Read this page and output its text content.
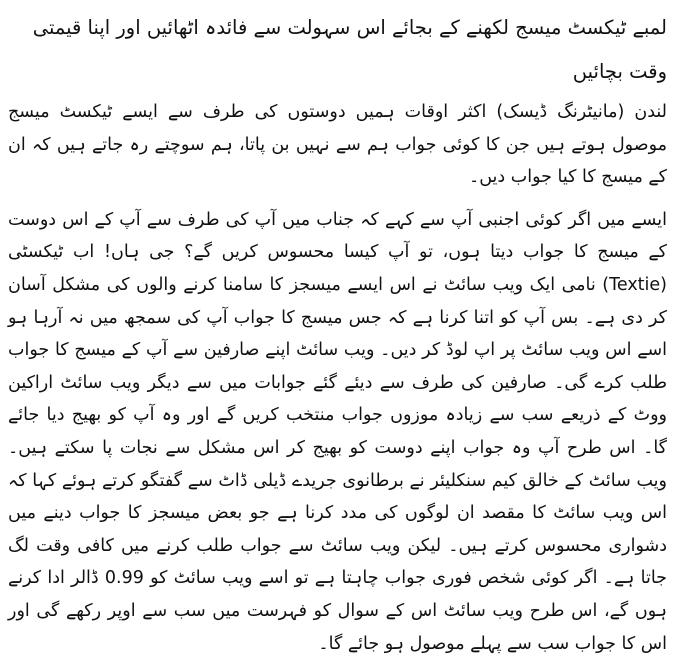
لمبے ٹیکسٹ میسج لکھنے کے بجائے اس سہولت سے فائدہ اٹھائیں اور اپنا قیمتی وقت بچائیں

لندن (مانیٹرنگ ڈیسک) اکثر اوقات ہمیں دوستوں کی طرف سے ایسے ٹیکسٹ میسج موصول ہوتے ہیں جن کا کوئی جواب ہم سے نہیں بن پاتا، ہم سوچتے رہ جاتے ہیں کہ ان کے میسج کا کیا جواب دیں۔

ایسے میں اگر کوئی اجنبی آپ سے کہے کہ جناب میں آپ کی طرف سے آپ کے اس دوست کے میسج کا جواب دیتا ہوں، تو آپ کیسا محسوس کریں گے؟ جی ہاں! اب ٹیکسٹی (Textie) نامی ایک ویب سائٹ نے اس ایسے میسجز کا سامنا کرنے والوں کی مشکل آسان کر دی ہے۔ بس آپ کو اتنا کرنا ہے کہ جس میسج کا جواب آپ کی سمجھ میں نہ آرہا ہو اسے اس ویب سائٹ پر اپ لوڈ کر دیں۔ ویب سائٹ اپنے صارفین سے آپ کے میسج کا جواب طلب کرے گی۔ صارفین کی طرف سے دیئے گئے جوابات میں سے دیگر ویب سائٹ اراکین ووٹ کے ذریعے سب سے زیادہ موزوں جواب منتخب کریں گے اور وہ آپ کو بھیج دیا جائے گا۔ اس طرح آپ وہ جواب اپنے دوست کو بھیج کر اس مشکل سے نجات پا سکتے ہیں۔ ویب سائٹ کے خالق کیم سنکلیئر نے برطانوی جریدے ڈیلی ڈاٹ سے گفتگو کرتے ہوئے کہا کہ اس ویب سائٹ کا مقصد ان لوگوں کی مدد کرنا ہے جو بعض میسجز کا جواب دینے میں دشواری محسوس کرتے ہیں۔ لیکن ویب سائٹ سے جواب طلب کرنے میں کافی وقت لگ جاتا ہے۔ اگر کوئی شخص فوری جواب چاہتا ہے تو اسے ویب سائٹ کو 0.99 ڈالر ادا کرنے ہوں گے، اس طرح ویب سائٹ اس کے سوال کو فہرست میں سب سے اوپر رکھے گی اور اس کا جواب سب سے پہلے موصول ہو جائے گا۔
